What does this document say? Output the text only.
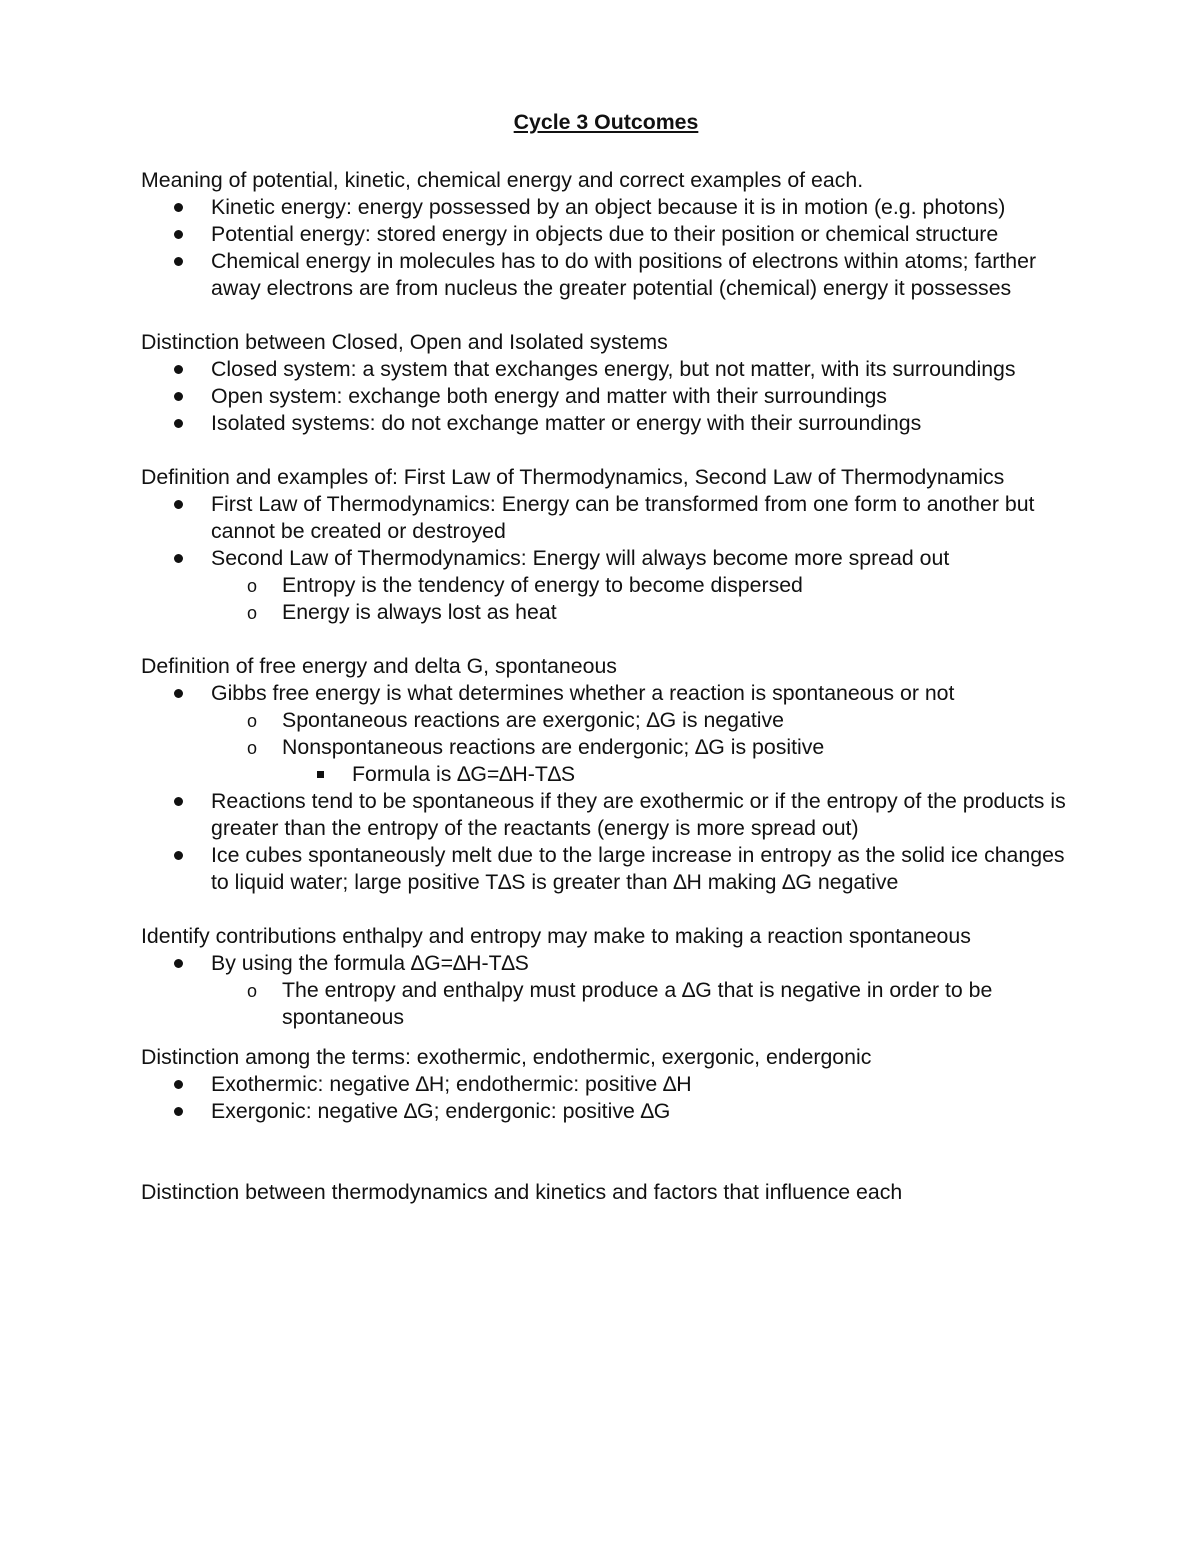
Cycle 3 Outcomes

Meaning of potential, kinetic, chemical energy and correct examples of each.

Kinetic energy: energy possessed by an object because it is in motion (e.g. photons)
Potential energy: stored energy in objects due to their position or chemical structure
Chemical energy in molecules has to do with positions of electrons within atoms; farther away electrons are from nucleus the greater potential (chemical) energy it possesses

Distinction between Closed, Open and Isolated systems

Closed system: a system that exchanges energy, but not matter, with its surroundings
Open system: exchange both energy and matter with their surroundings
Isolated systems: do not exchange matter or energy with their surroundings

Definition and examples of: First Law of Thermodynamics, Second Law of Thermodynamics

First Law of Thermodynamics: Energy can be transformed from one form to another but cannot be created or destroyed
Second Law of Thermodynamics: Energy will always become more spread out
o Entropy is the tendency of energy to become dispersed
o Energy is always lost as heat

Definition of free energy and delta G, spontaneous

Gibbs free energy is what determines whether a reaction is spontaneous or not
o Spontaneous reactions are exergonic; ∆G is negative
o Nonspontaneous reactions are endergonic; ∆G is positive
Formula is ∆G=∆H-T∆S
Reactions tend to be spontaneous if they are exothermic or if the entropy of the products is greater than the entropy of the reactants (energy is more spread out)
Ice cubes spontaneously melt due to the large increase in entropy as the solid ice changes to liquid water; large positive T∆S is greater than ∆H making ∆G negative

Identify contributions enthalpy and entropy may make to making a reaction spontaneous

By using the formula ∆G=∆H-T∆S
o The entropy and enthalpy must produce a ∆G that is negative in order to be spontaneous

Distinction among the terms: exothermic, endothermic, exergonic, endergonic

Exothermic: negative ∆H; endothermic: positive ∆H
Exergonic: negative ∆G; endergonic: positive ∆G

Distinction between thermodynamics and kinetics and factors that influence each
